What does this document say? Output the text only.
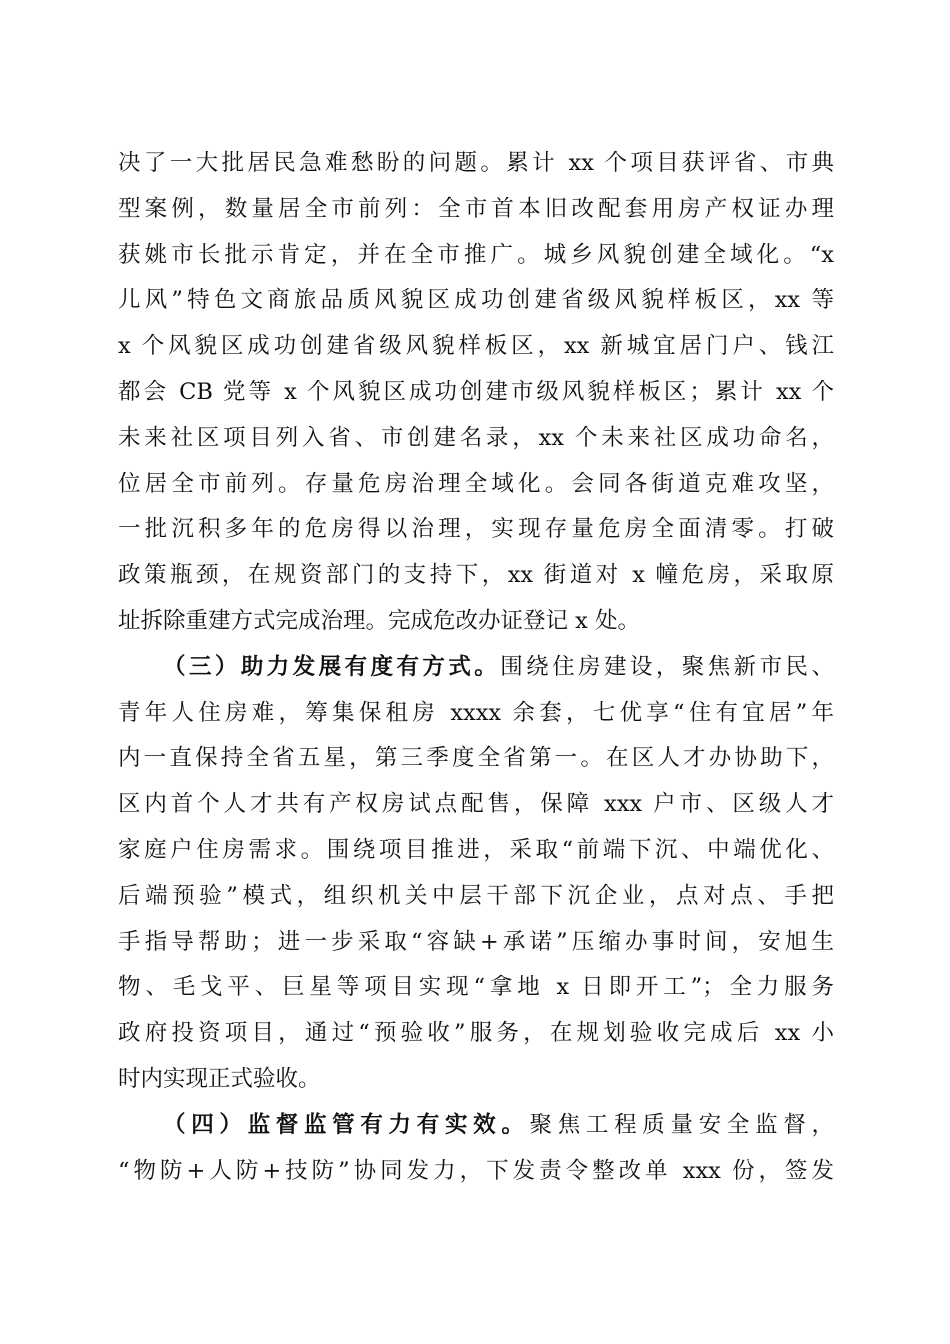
决了一大批居民急难愁盼的问题。累计 xx 个项目获评省、市典
型案例，数量居全市前列：全市首本旧改配套用房产权证办理
获姚市长批示肯定，并在全市推广。城乡风貌创建全域化。“x
儿风”特色文商旅品质风貌区成功创建省级风貌样板区，xx 等
x 个风貌区成功创建省级风貌样板区，xx 新城宜居门户、钱江
都会 CB 党等 x 个风貌区成功创建市级风貌样板区；累计 xx 个
未来社区项目列入省、市创建名录，xx 个未来社区成功命名，
位居全市前列。存量危房治理全域化。会同各街道克难攻坚，
一批沉积多年的危房得以治理，实现存量危房全面清零。打破
政策瓶颈，在规资部门的支持下，xx 街道对 x 幢危房，采取原
址拆除重建方式完成治理。完成危改办证登记 x 处。
（三）助力发展有度有方式。围绕住房建设，聚焦新市民、
青年人住房难，筹集保租房 xxxx 余套，七优享“住有宜居”年
内一直保持全省五星，第三季度全省第一。在区人才办协助下，
区内首个人才共有产权房试点配售，保障 xxx 户市、区级人才
家庭户住房需求。围绕项目推进，采取“前端下沉、中端优化、
后端预验”模式，组织机关中层干部下沉企业，点对点、手把
手指导帮助；进一步采取“容缺+承诺”压缩办事时间，安旭生
物、毛戈平、巨星等项目实现“拿地 x 日即开工”；全力服务
政府投资项目，通过“预验收”服务，在规划验收完成后 xx 小
时内实现正式验收。
（四）监督监管有力有实效。聚焦工程质量安全监督，
“物防+人防+技防”协同发力，下发责令整改单 xxx 份，签发
